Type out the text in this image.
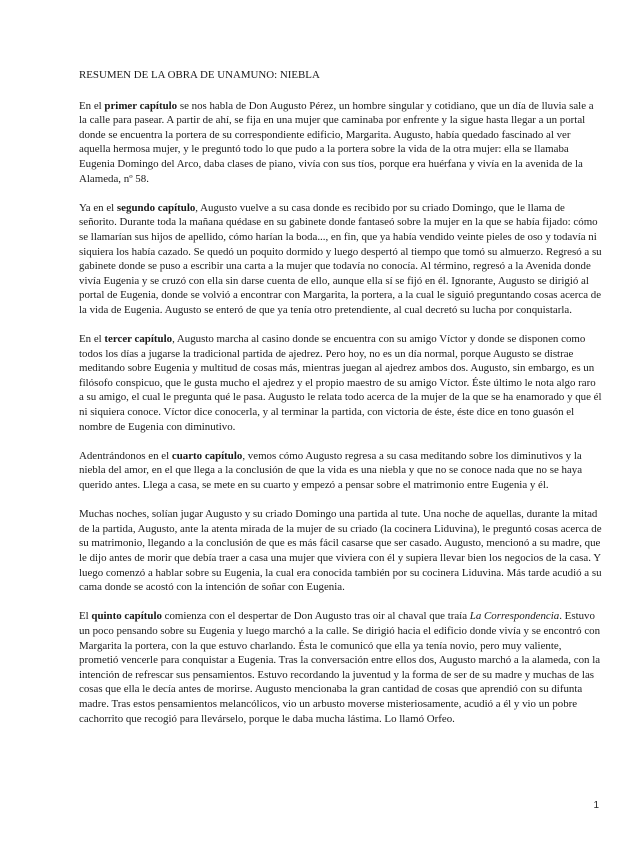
RESUMEN DE LA OBRA DE UNAMUNO: NIEBLA

En el primer capítulo se nos habla de Don Augusto Pérez, un hombre singular y cotidiano, que un día de lluvia sale a la calle para pasear. A partir de ahí, se fija en una mujer que caminaba por enfrente y la sigue hasta llegar a un portal donde se encuentra la portera de su correspondiente edificio, Margarita. Augusto, había quedado fascinado al ver aquella hermosa mujer, y le preguntó todo lo que pudo a la portera sobre la vida de la otra mujer: ella se llamaba Eugenia Domingo del Arco, daba clases de piano, vivía con sus tíos, porque era huérfana y vivía en la avenida de la Alameda, nº 58.

Ya en el segundo capítulo, Augusto vuelve a su casa donde es recibido por su criado Domingo, que le llama de señorito. Durante toda la mañana quédase en su gabinete donde fantaseó sobre la mujer en la que se había fijado: cómo se llamarían sus hijos de apellido, cómo harían la boda..., en fin, que ya había vendido veinte pieles de oso y todavía ni siquiera los había cazado. Se quedó un poquito dormido y luego despertó al tiempo que tomó su almuerzo. Regresó a su gabinete donde se puso a escribir una carta a la mujer que todavía no conocía. Al término, regresó a la Avenida donde vivía Eugenia y se cruzó con ella sin darse cuenta de ello, aunque ella sí se fijó en él. Ignorante, Augusto se dirigió al portal de Eugenia, donde se volvió a encontrar con Margarita, la portera, a la cual le siguió preguntando cosas acerca de la vida de Eugenia. Augusto se enteró de que ya tenía otro pretendiente, al cual decretó su lucha por conquistarla.

En el tercer capítulo, Augusto marcha al casino donde se encuentra con su amigo Víctor y donde se disponen como todos los días a jugarse la tradicional partida de ajedrez. Pero hoy, no es un día normal, porque Augusto se distrae meditando sobre Eugenia y multitud de cosas más, mientras juegan al ajedrez ambos dos. Augusto, sin embargo, es un filósofo conspicuo, que le gusta mucho el ajedrez y el propio maestro de su amigo Víctor. Éste último le nota algo raro a su amigo, el cual le pregunta qué le pasa. Augusto le relata todo acerca de la mujer de la que se ha enamorado y que él ni siquiera conoce. Víctor dice conocerla, y al terminar la partida, con victoria de éste, éste dice en tono guasón el nombre de Eugenia con diminutivo.

Adentrándonos en el cuarto capítulo, vemos cómo Augusto regresa a su casa meditando sobre los diminutivos y la niebla del amor, en el que llega a la conclusión de que la vida es una niebla y que no se conoce nada que no se haya querido antes. Llega a casa, se mete en su cuarto y empezó a pensar sobre el matrimonio entre Eugenia y él.

Muchas noches, solían jugar Augusto y su criado Domingo una partida al tute. Una noche de aquellas, durante la mitad de la partida, Augusto, ante la atenta mirada de la mujer de su criado (la cocinera Liduvina), le preguntó cosas acerca de su matrimonio, llegando a la conclusión de que es más fácil casarse que ser casado. Augusto, mencionó a su madre, que le dijo antes de morir que debía traer a casa una mujer que viviera con él y supiera llevar bien los negocios de la casa. Y luego comenzó a hablar sobre su Eugenia, la cual era conocida también por su cocinera Liduvina. Más tarde acudió a su cama donde se acostó con la intención de soñar con Eugenia.

El quinto capítulo comienza con el despertar de Don Augusto tras oir al chaval que traía La Correspondencia. Estuvo un poco pensando sobre su Eugenia y luego marchó a la calle. Se dirigió hacia el edificio donde vivía y se encontró con Margarita la portera, con la que estuvo charlando. Ésta le comunicó que ella ya tenía novio, pero muy valiente, prometió vencerle para conquistar a Eugenia. Tras la conversación entre ellos dos, Augusto marchó a la alameda, con la intención de refrescar sus pensamientos. Estuvo recordando la juventud y la forma de ser de su madre y muchas de las cosas que ella le decía antes de morirse. Augusto mencionaba la gran cantidad de cosas que aprendió con su difunta madre. Tras estos pensamientos melancólicos, vio un arbusto moverse misteriosamente, acudió a él y vio un pobre cachorrito que recogió para llevárselo, porque le daba mucha lástima. Lo llamó Orfeo.

1
